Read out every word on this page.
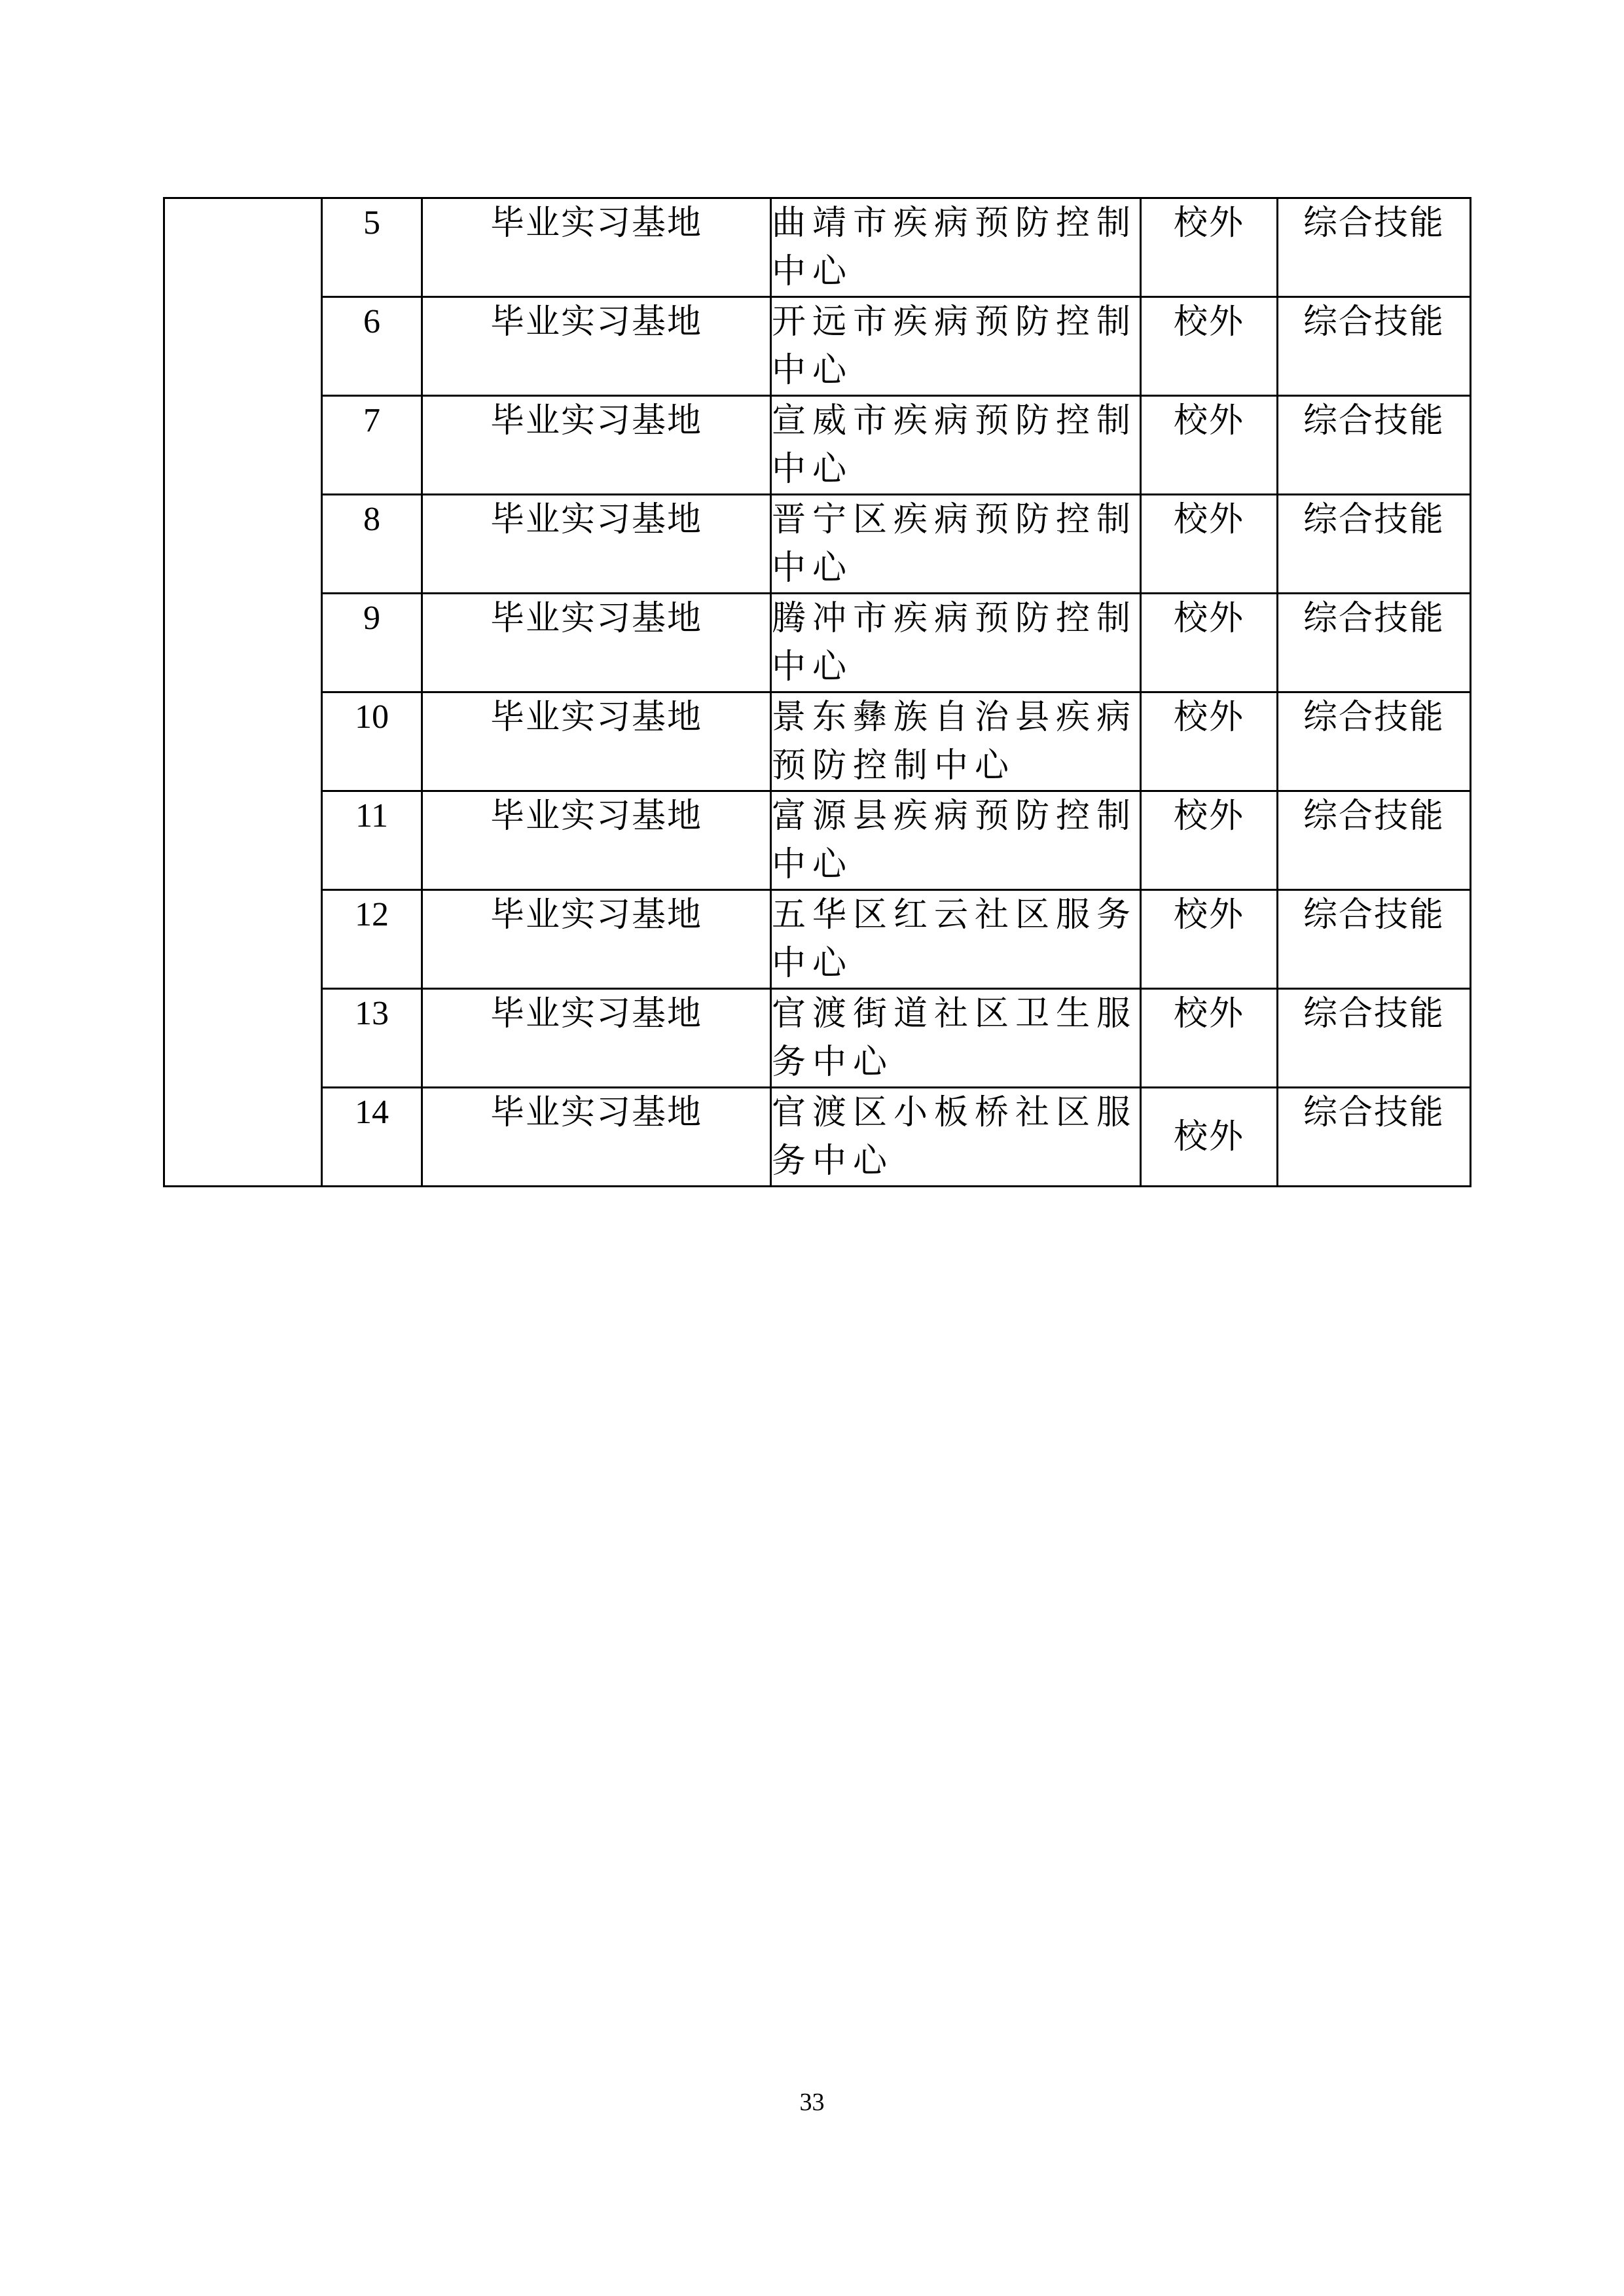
	5	毕业实习基地	曲靖市疾病预防控制中心	校外	综合技能
	6	毕业实习基地	开远市疾病预防控制中心	校外	综合技能
	7	毕业实习基地	宣威市疾病预防控制中心	校外	综合技能
	8	毕业实习基地	晋宁区疾病预防控制中心	校外	综合技能
	9	毕业实习基地	腾冲市疾病预防控制中心	校外	综合技能
	10	毕业实习基地	景东彝族自治县疾病预防控制中心	校外	综合技能
	11	毕业实习基地	富源县疾病预防控制中心	校外	综合技能
	12	毕业实习基地	五华区红云社区服务中心	校外	综合技能
	13	毕业实习基地	官渡街道社区卫生服务中心	校外	综合技能
	14	毕业实习基地	官渡区小板桥社区服务中心	校外	综合技能
33
